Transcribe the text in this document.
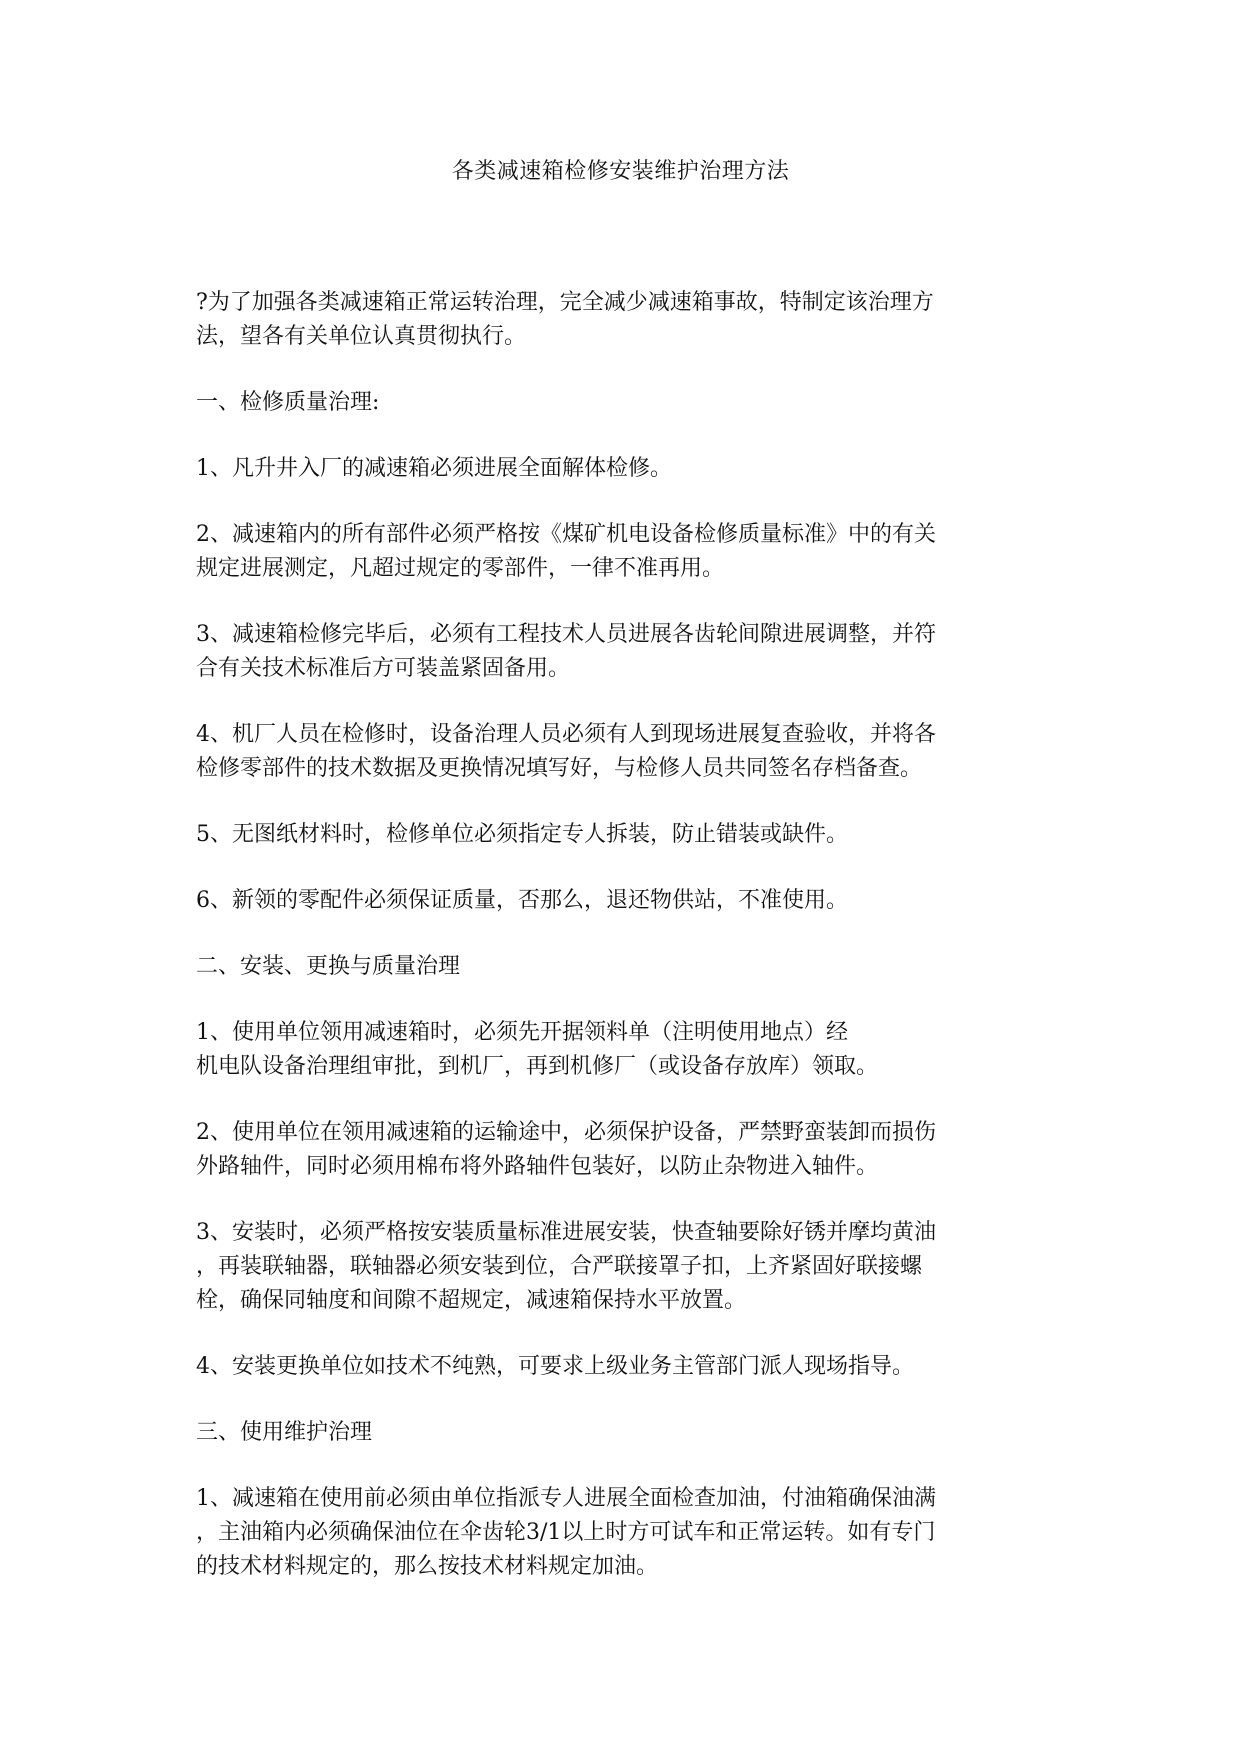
各类减速箱检修安装维护治理方法

?为了加强各类减速箱正常运转治理，完全减少减速箱事故，特制定该治理方
法，望各有关单位认真贯彻执行。

一、检修质量治理:

1、凡升井入厂的减速箱必须进展全面解体检修。

2、减速箱内的所有部件必须严格按《煤矿机电设备检修质量标准》中的有关
规定进展测定，凡超过规定的零部件，一律不准再用。

3、减速箱检修完毕后，必须有工程技术人员进展各齿轮间隙进展调整，并符
合有关技术标准后方可装盖紧固备用。

4、机厂人员在检修时，设备治理人员必须有人到现场进展复查验收，并将各
检修零部件的技术数据及更换情况填写好，与检修人员共同签名存档备查。

5、无图纸材料时，检修单位必须指定专人拆装，防止错装或缺件。

6、新领的零配件必须保证质量，否那么，退还物供站，不准使用。

二、安装、更换与质量治理

1、使用单位领用减速箱时，必须先开据领料单（注明使用地点）经
机电队设备治理组审批，到机厂，再到机修厂（或设备存放库）领取。

2、使用单位在领用减速箱的运输途中，必须保护设备，严禁野蛮装卸而损伤
外路轴件，同时必须用棉布将外路轴件包装好，以防止杂物进入轴件。

3、安装时，必须严格按安装质量标准进展安装，快查轴要除好锈并摩均黄油
，再装联轴器，联轴器必须安装到位，合严联接罩子扣，上齐紧固好联接螺
栓，确保同轴度和间隙不超规定，减速箱保持水平放置。

4、安装更换单位如技术不纯熟，可要求上级业务主管部门派人现场指导。

三、使用维护治理

1、减速箱在使用前必须由单位指派专人进展全面检查加油，付油箱确保油满
，主油箱内必须确保油位在伞齿轮3/1以上时方可试车和正常运转。如有专门
的技术材料规定的，那么按技术材料规定加油。
